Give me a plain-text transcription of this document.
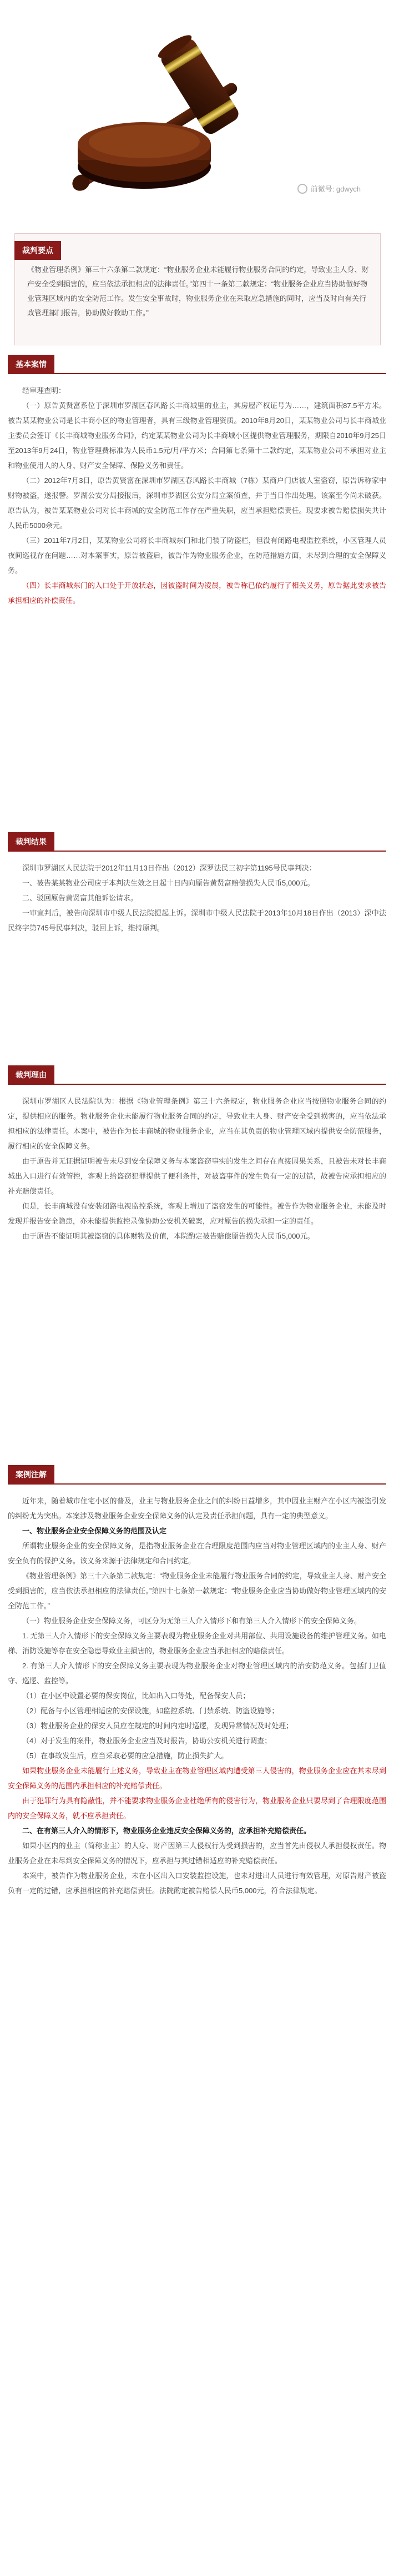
前微号: gdwych
裁判要点
《物业管理条例》第三十六条第二款规定：“物业服务企业未能履行物业服务合同的约定，导致业主人身、财产安全受到损害的，应当依法承担相应的法律责任。”第四十一条第二款规定：“物业服务企业应当协助做好物业管理区域内的安全防范工作。发生安全事故时，物业服务企业在采取应急措施的同时，应当及时向有关行政管理部门报告，协助做好救助工作。”
基本案情

经审理查明：

（一）原告黄贤富系位于深圳市罗湖区春风路长丰商城里的业主，其房屋产权证号为……，建筑面积87.5平方米。被告某某物业公司是长丰商小区的物业管理者，具有三级物业管理资质。2010年8月20日，某某物业公司与长丰商城业主委员会签订《长丰商城物业服务合同》，约定某某物业公司为长丰商城小区提供物业管理服务，期限自2010年9月25日至2013年9月24日，物业管理费标准为人民币1.5元/月/平方米；合同第七条第十二款约定，某某物业公司不承担对业主和物业使用人的人身、财产安全保障、保险义务和责任。

（二）2012年7月3日，原告黄贤富在深圳市罗湖区春风路长丰商城（7栋）某商户门店被人室盗窃，原告诉称家中财物被盗，遂报警。罗湖公安分局接报后，深圳市罗湖区公安分局立案侦查，并于当日作出处理。该案至今尚未破获。原告认为，被告某某物业公司对长丰商城的安全防范工作存在严重失职，应当承担赔偿责任。现要求被告赔偿损失共计人民币5000余元。

（三）2011年7月2日，某某物业公司将长丰商城东门和北门装了防盗栏，但没有闭路电视监控系统，小区管理人员夜间巡视存在问题……对本案事实，原告被盗后，被告作为物业服务企业，在防范措施方面，未尽到合理的安全保障义务。

（四）长丰商城东门的入口处于开放状态，因被盗时间为凌晨，被告称已依约履行了相关义务，原告据此要求被告承担相应的补偿责任。

裁判结果

深圳市罗湖区人民法院于2012年11月13日作出（2012）深罗法民三初字第1195号民事判决：

一、被告某某物业公司应于本判决生效之日起十日内向原告黄贤富赔偿损失人民币5,000元。

二、驳回原告黄贤富其他诉讼请求。

一审宣判后，被告向深圳市中级人民法院提起上诉。深圳市中级人民法院于2013年10月18日作出（2013）深中法民终字第745号民事判决，驳回上诉，维持原判。

裁判理由

深圳市罗湖区人民法院认为：根据《物业管理条例》第三十六条规定，物业服务企业应当按照物业服务合同的约定，提供相应的服务。物业服务企业未能履行物业服务合同的约定，导致业主人身、财产安全受到损害的，应当依法承担相应的法律责任。本案中，被告作为长丰商城的物业服务企业，应当在其负责的物业管理区域内提供安全防范服务，履行相应的安全保障义务。

由于原告并无证据证明被告未尽到安全保障义务与本案盗窃事实的发生之间存在直接因果关系，且被告未对长丰商城出入口进行有效管控，客观上给盗窃犯罪提供了便利条件，对被盗事件的发生负有一定的过错，故被告应承担相应的补充赔偿责任。

但是，长丰商城没有安装闭路电视监控系统，客观上增加了盗窃发生的可能性。被告作为物业服务企业，未能及时发现并报告安全隐患，亦未能提供监控录像协助公安机关破案，应对原告的损失承担一定的责任。

由于原告不能证明其被盗窃的具体财物及价值，本院酌定被告赔偿原告损失人民币5,000元。

案例注解

近年来，随着城市住宅小区的普及，业主与物业服务企业之间的纠纷日益增多，其中因业主财产在小区内被盗引发的纠纷尤为突出。本案涉及物业服务企业安全保障义务的认定及责任承担问题，具有一定的典型意义。

一、物业服务企业安全保障义务的范围及认定

所谓物业服务企业的安全保障义务，是指物业服务企业在合理限度范围内应当对物业管理区域内的业主人身、财产安全负有的保护义务。该义务来源于法律规定和合同约定。

《物业管理条例》第三十六条第二款规定：“物业服务企业未能履行物业服务合同的约定，导致业主人身、财产安全受到损害的，应当依法承担相应的法律责任。”第四十七条第一款规定：“物业服务企业应当协助做好物业管理区域内的安全防范工作。”

（一）物业服务企业安全保障义务，可区分为无第三人介入情形下和有第三人介入情形下的安全保障义务。

1. 无第三人介入情形下的安全保障义务主要表现为物业服务企业对共用部位、共用设施设备的维护管理义务。如电梯、消防设施等存在安全隐患导致业主损害的，物业服务企业应当承担相应的赔偿责任。

2. 有第三人介入情形下的安全保障义务主要表现为物业服务企业对物业管理区域内的治安防范义务。包括门卫值守、巡逻、监控等。

（1）在小区中设置必要的保安岗位，比如出入口等处，配备保安人员；

（2）配备与小区管理相适应的安保设施，如监控系统、门禁系统、防盗设施等；

（3）物业服务企业的保安人员应在规定的时间内定时巡逻，发现异常情况及时处理；

（4）对于发生的案件，物业服务企业应当及时报告，协助公安机关进行调查；

（5）在事故发生后，应当采取必要的应急措施，防止损失扩大。

如果物业服务企业未能履行上述义务，导致业主在物业管理区域内遭受第三人侵害的，物业服务企业应在其未尽到安全保障义务的范围内承担相应的补充赔偿责任。

由于犯罪行为具有隐蔽性，并不能要求物业服务企业杜绝所有的侵害行为，物业服务企业只要尽到了合理限度范围内的安全保障义务，就不应承担责任。

二、在有第三人介入的情形下，物业服务企业违反安全保障义务的，应承担补充赔偿责任。

如果小区内的业主（简称业主）的人身、财产因第三人侵权行为受到损害的，应当首先由侵权人承担侵权责任。物业服务企业在未尽到安全保障义务的情况下，应承担与其过错相适应的补充赔偿责任。

本案中，被告作为物业服务企业，未在小区出入口安装监控设施，也未对进出人员进行有效管理，对原告财产被盗负有一定的过错，应承担相应的补充赔偿责任。法院酌定被告赔偿人民币5,000元，符合法律规定。
